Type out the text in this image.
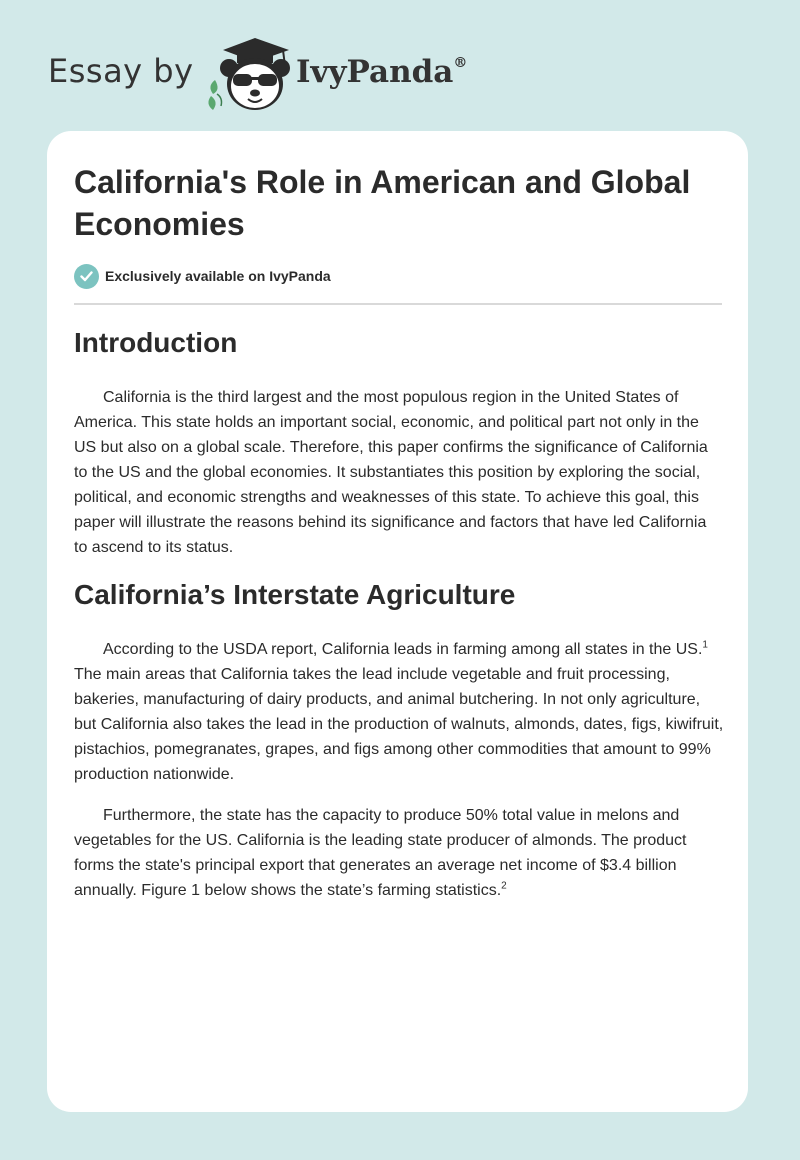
Essay by	IvyPanda®
California's Role in American and Global Economies
Exclusively available on IvyPanda
Introduction

California is the third largest and the most populous region in the United States of America. This state holds an important social, economic, and political part not only in the US but also on a global scale. Therefore, this paper confirms the significance of California to the US and the global economies. It substantiates this position by exploring the social, political, and economic strengths and weaknesses of this state. To achieve this goal, this paper will illustrate the reasons behind its significance and factors that have led California to ascend to its status.

California’s Interstate Agriculture

According to the USDA report, California leads in farming among all states in the US.$^1$ The main areas that California takes the lead include vegetable and fruit processing, bakeries, manufacturing of dairy products, and animal butchering. In not only agriculture, but California also takes the lead in the production of walnuts, almonds, dates, figs, kiwifruit, pistachios, pomegranates, grapes, and figs among other commodities that amount to 99% production nationwide.

Furthermore, the state has the capacity to produce 50% total value in melons and vegetables for the US. California is the leading state producer of almonds. The product forms the state's principal export that generates an average net income of $3.4 billion annually. Figure 1 below shows the state’s farming statistics.$^2$
